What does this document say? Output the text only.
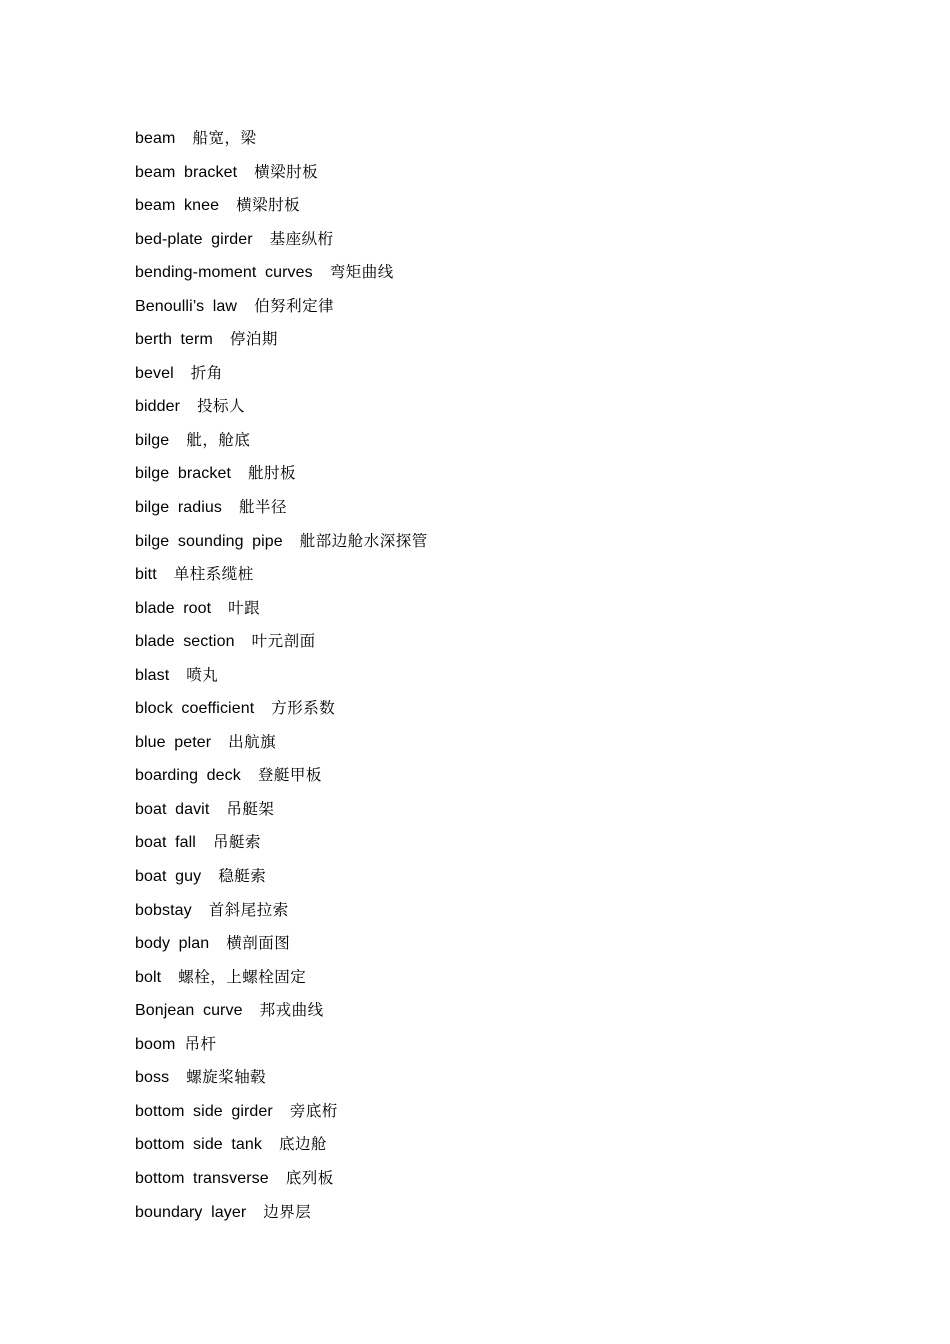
beam 船宽，梁
beam bracket 横梁肘板
beam knee 横梁肘板
bed-plate girder 基座纵桁
bending-moment curves 弯矩曲线
Benoulli’s law 伯努利定律
berth term 停泊期
bevel 折角
bidder 投标人
bilge 舭，舱底
bilge bracket 舭肘板
bilge radius 舭半径
bilge sounding pipe 舭部边舱水深探管
bitt 单柱系缆桩
blade root 叶跟
blade section 叶元剖面
blast 喷丸
block coefficient 方形系数
blue peter 出航旗
boarding deck 登艇甲板
boat davit 吊艇架
boat fall 吊艇索
boat guy 稳艇索
bobstay 首斜尾拉索
body plan 横剖面图
bolt 螺栓，上螺栓固定
Bonjean curve 邦戎曲线
boom 吊杆
boss 螺旋桨轴毂
bottom side girder 旁底桁
bottom side tank 底边舱
bottom transverse 底列板
boundary layer 边界层
